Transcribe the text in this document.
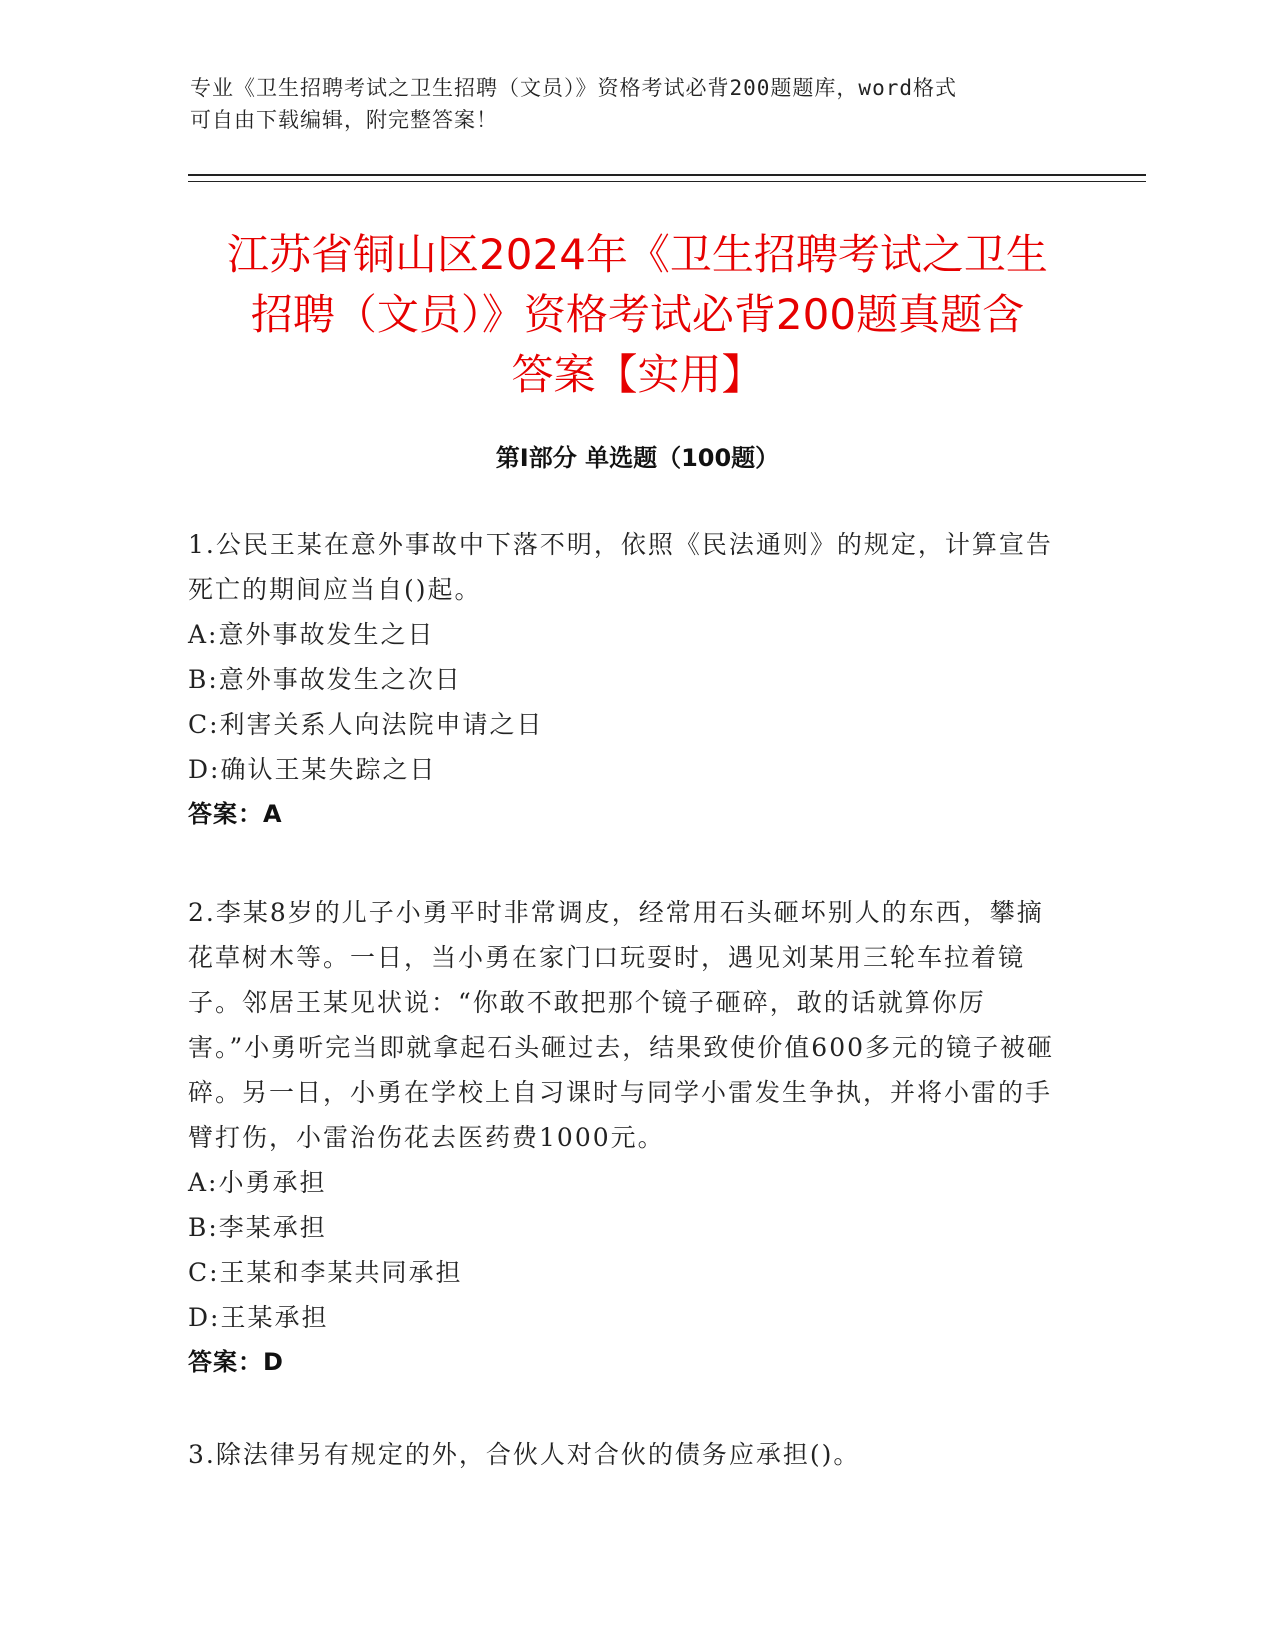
专业《卫生招聘考试之卫生招聘（文员）》资格考试必背200题题库，word格式
可自由下载编辑，附完整答案！
江苏省铜山区2024年《卫生招聘考试之卫生
招聘（文员）》资格考试必背200题真题含
答案【实用】
第Ⅰ部分 单选题（100题）

1.公民王某在意外事故中下落不明，依照《民法通则》的规定，计算宣告死亡的期间应当自()起。

A:意外事故发生之日

B:意外事故发生之次日

C:利害关系人向法院申请之日

D:确认王某失踪之日

答案：A

2.李某8岁的儿子小勇平时非常调皮，经常用石头砸坏别人的东西，攀摘花草树木等。一日，当小勇在家门口玩耍时，遇见刘某用三轮车拉着镜子。邻居王某见状说：“你敢不敢把那个镜子砸碎，敢的话就算你厉害。”小勇听完当即就拿起石头砸过去，结果致使价值600多元的镜子被砸碎。另一日，小勇在学校上自习课时与同学小雷发生争执，并将小雷的手臂打伤，小雷治伤花去医药费1000元。

A:小勇承担

B:李某承担

C:王某和李某共同承担

D:王某承担

答案：D

3.除法律另有规定的外，合伙人对合伙的债务应承担()。
